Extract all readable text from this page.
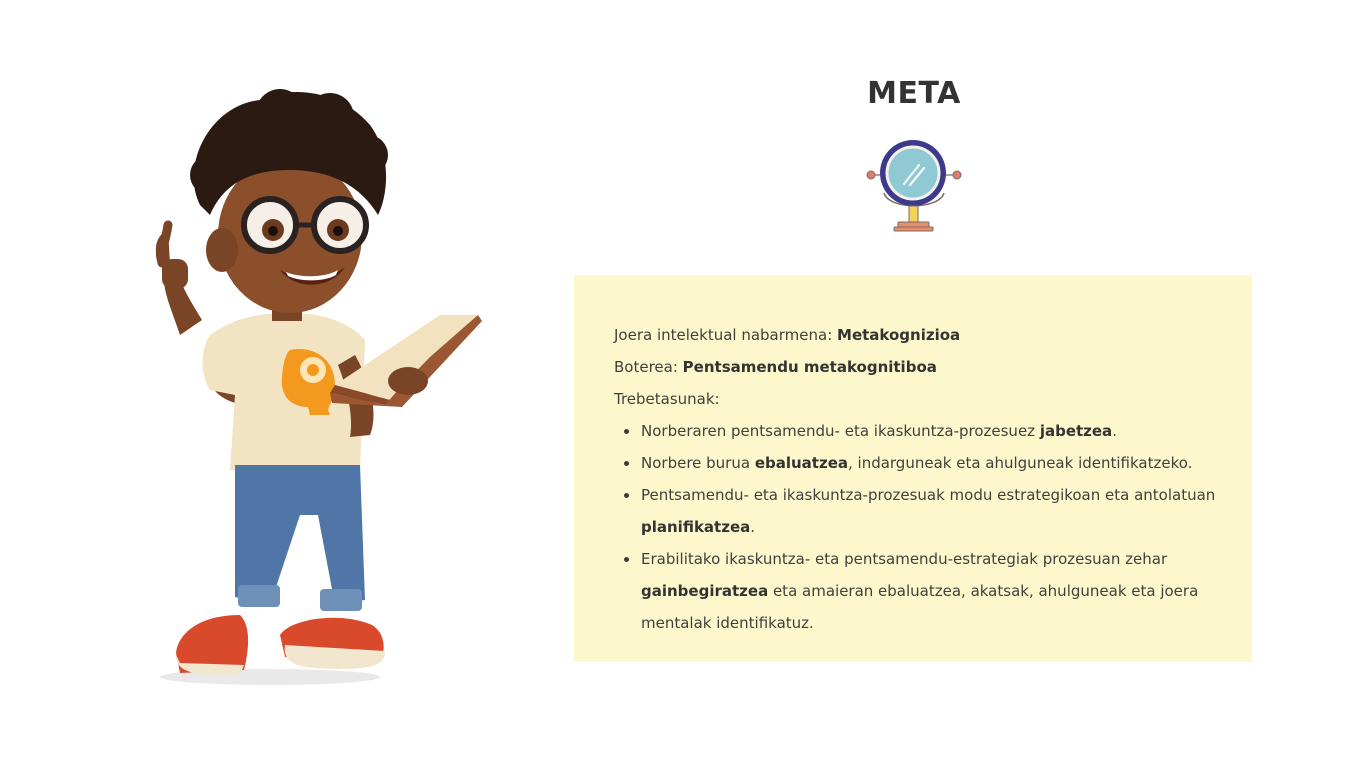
META

Joera intelektual nabarmena: Metakognizioa

Boterea: Pentsamendu metakognitiboa

Trebetasunak:

Norberaren pentsamendu- eta ikaskuntza-prozesuez jabetzea.
Norbere burua ebaluatzea, indarguneak eta ahulguneak identifikatzeko.
Pentsamendu- eta ikaskuntza-prozesuak modu estrategikoan eta antolatuan planifikatzea.
Erabilitako ikaskuntza- eta pentsamendu-estrategiak prozesuan zehar gainbegiratzea eta amaieran ebaluatzea, akatsak, ahulguneak eta joera mentalak identifikatuz.
